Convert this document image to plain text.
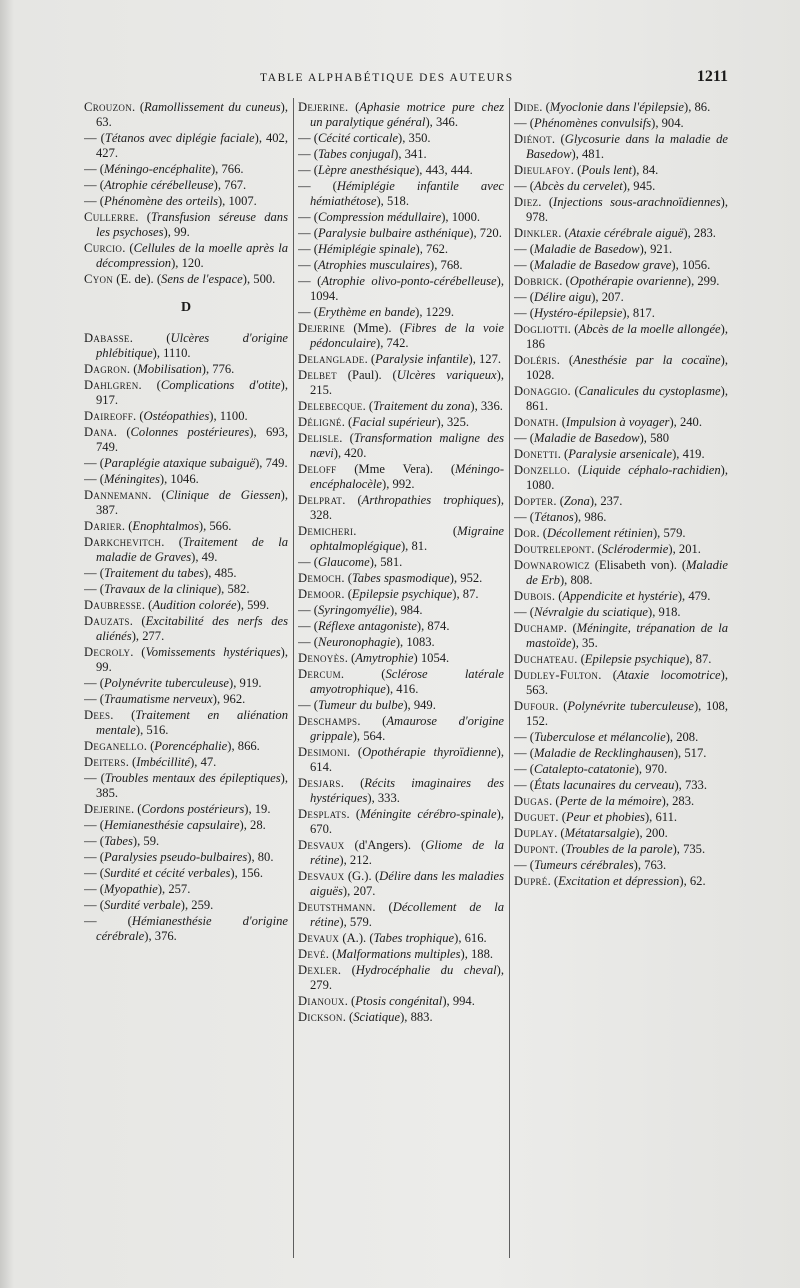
TABLE ALPHABÉTIQUE DES AUTEURS	1211
Crouzon. (Ramollissement du cuneus), 63.
— (Tétanos avec diplégie faciale), 402, 427.
— (Méningo-encéphalite), 766.
— (Atrophie cérébelleuse), 767.
— (Phénomène des orteils), 1007.
Cullerre. (Transfusion séreuse dans les psychoses), 99.
Curcio. (Cellules de la moelle après la décompression), 120.
Cyon (E. de). (Sens de l'espace), 500.
D
Dabasse. (Ulcères d'origine phlébitique), 1110.
Dagron. (Mobilisation), 776.
Dahlgren. (Complications d'otite), 917.
Daireoff. (Ostéopathies), 1100.
Dana. (Colonnes postérieures), 693, 749.
— (Paraplégie ataxique subaiguë), 749.
— (Méningites), 1046.
Dannemann. (Clinique de Giessen), 387.
Darier. (Enophtalmos), 566.
Darkchevitch. (Traitement de la maladie de Graves), 49.
— (Traitement du tabes), 485.
— (Travaux de la clinique), 582.
Daubresse. (Audition colorée), 599.
Dauzats. (Excitabilité des nerfs des aliénés), 277.
Decroly. (Vomissements hystériques), 99.
— (Polynévrite tuberculeuse), 919.
— (Traumatisme nerveux), 962.
Dees. (Traitement en aliénation mentale), 516.
Deganello. (Porencéphalie), 866.
Deiters. (Imbécillité), 47.
— (Troubles mentaux des épileptiques), 385.
Dejerine. (Cordons postérieurs), 19.
— (Hemianesthésie capsulaire), 28.
— (Tabes), 59.
— (Paralysies pseudo-bulbaires), 80.
— (Surdité et cécité verbales), 156.
— (Myopathie), 257.
— (Surdité verbale), 259.
— (Hémianesthésie d'origine cérébrale), 376.
Dejerine. (Aphasie motrice pure chez un paralytique général), 346.
— (Cécité corticale), 350.
— (Tabes conjugal), 341.
— (Lèpre anesthésique), 443, 444.
— (Hémiplégie infantile avec hémiathétose), 518.
— (Compression médullaire), 1000.
— (Paralysie bulbaire asthénique), 720.
— (Hémiplégie spinale), 762.
— (Atrophies musculaires), 768.
— (Atrophie olivo-ponto-cérébelleuse), 1094.
— (Erythème en bande), 1229.
Dejerine (Mme). (Fibres de la voie pédonculaire), 742.
Delanglade. (Paralysie infantile), 127.
Delbet (Paul). (Ulcères variqueux), 215.
Delebecque. (Traitement du zona), 336.
Déligné. (Facial supérieur), 325.
Delisle. (Transformation maligne des nævi), 420.
Deloff (Mme Vera). (Méningo-encéphalocèle), 992.
Delprat. (Arthropathies trophiques), 328.
Demicheri. (Migraine ophtalmoplégique), 81.
— (Glaucome), 581.
Democh. (Tabes spasmodique), 952.
Demoor. (Epilepsie psychique), 87.
— (Syringomyélie), 984.
— (Réflexe antagoniste), 874.
— (Neuronophagie), 1083.
Denoyès. (Amytrophie) 1054.
Dercum. (Sclérose latérale amyotrophique), 416.
— (Tumeur du bulbe), 949.
Deschamps. (Amaurose d'origine grippale), 564.
Desimoni. (Opothérapie thyroïdienne), 614.
Desjars. (Récits imaginaires des hystériques), 333.
Desplats. (Méningite cérébro-spinale), 670.
Desvaux (d'Angers). (Gliome de la rétine), 212.
Desvaux (G.). (Délire dans les maladies aiguës), 207.
Deutsthmann. (Décollement de la rétine), 579.
Devaux (A.). (Tabes trophique), 616.
Devé. (Malformations multiples), 188.
Dexler. (Hydrocéphalie du cheval), 279.
Dianoux. (Ptosis congénital), 994.
Dickson. (Sciatique), 883.
Dide. (Myoclonie dans l'épilepsie), 86.
— (Phénomènes convulsifs), 904.
Diénot. (Glycosurie dans la maladie de Basedow), 481.
Dieulafoy. (Pouls lent), 84.
— (Abcès du cervelet), 945.
Diez. (Injections sous-arachnoïdiennes), 978.
Dinkler. (Ataxie cérébrale aiguë), 283.
— (Maladie de Basedow), 921.
— (Maladie de Basedow grave), 1056.
Dobrick. (Opothérapie ovarienne), 299.
— (Délire aigu), 207.
— (Hystéro-épilepsie), 817.
Dogliotti. (Abcès de la moelle allongée), 186
Doléris. (Anesthésie par la cocaïne), 1028.
Donaggio. (Canalicules du cystoplasme), 861.
Donath. (Impulsion à voyager), 240.
— (Maladie de Basedow), 580
Donetti. (Paralysie arsenicale), 419.
Donzello. (Liquide céphalo-rachidien), 1080.
Dopter. (Zona), 237.
— (Tétanos), 986.
Dor. (Décollement rétinien), 579.
Doutrelepont. (Sclérodermie), 201.
Downarowicz (Elisabeth von). (Maladie de Erb), 808.
Dubois. (Appendicite et hystérie), 479.
— (Névralgie du sciatique), 918.
Duchamp. (Méningite, trépanation de la mastoïde), 35.
Duchateau. (Epilepsie psychique), 87.
Dudley-Fulton. (Ataxie locomotrice), 563.
Dufour. (Polynévrite tuberculeuse), 108, 152.
— (Tuberculose et mélancolie), 208.
— (Maladie de Recklinghausen), 517.
— (Catalepto-catatonie), 970.
— (États lacunaires du cerveau), 733.
Dugas. (Perte de la mémoire), 283.
Duguet. (Peur et phobies), 611.
Duplay. (Métatarsalgie), 200.
Dupont. (Troubles de la parole), 735.
— (Tumeurs cérébrales), 763.
Dupré. (Excitation et dépression), 62.
